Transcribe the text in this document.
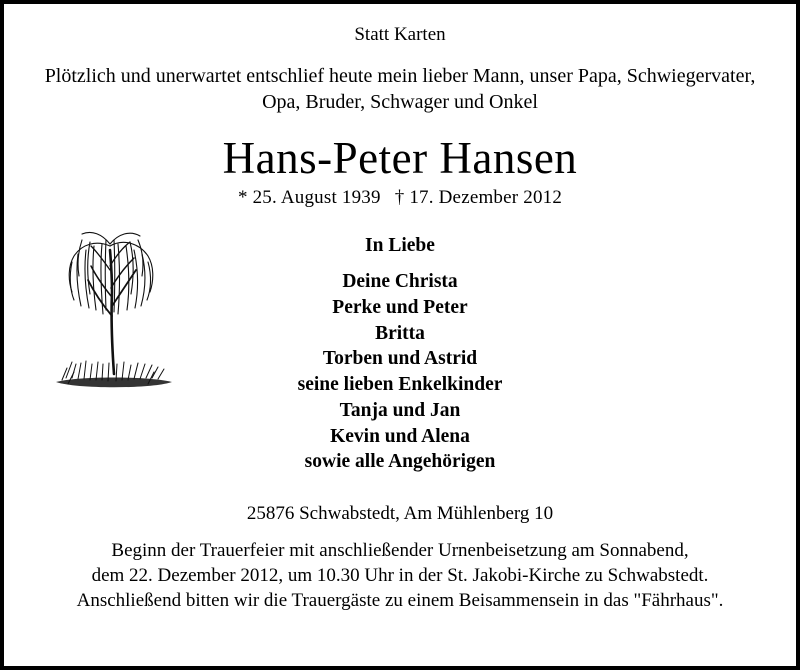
Statt Karten
Plötzlich und unerwartet entschlief heute mein lieber Mann, unser Papa, Schwiegervater,
Opa, Bruder, Schwager und Onkel
Hans-Peter Hansen
* 25. August 1939 † 17. Dezember 2012
In Liebe
Deine Christa
Perke und Peter
Britta
Torben und Astrid
seine lieben Enkelkinder
Tanja und Jan
Kevin und Alena
sowie alle Angehörigen
25876 Schwabstedt, Am Mühlenberg 10
Beginn der Trauerfeier mit anschließender Urnenbeisetzung am Sonnabend,
dem 22. Dezember 2012, um 10.30 Uhr in der St. Jakobi-Kirche zu Schwabstedt.
Anschließend bitten wir die Trauergäste zu einem Beisammensein in das "Fährhaus".
